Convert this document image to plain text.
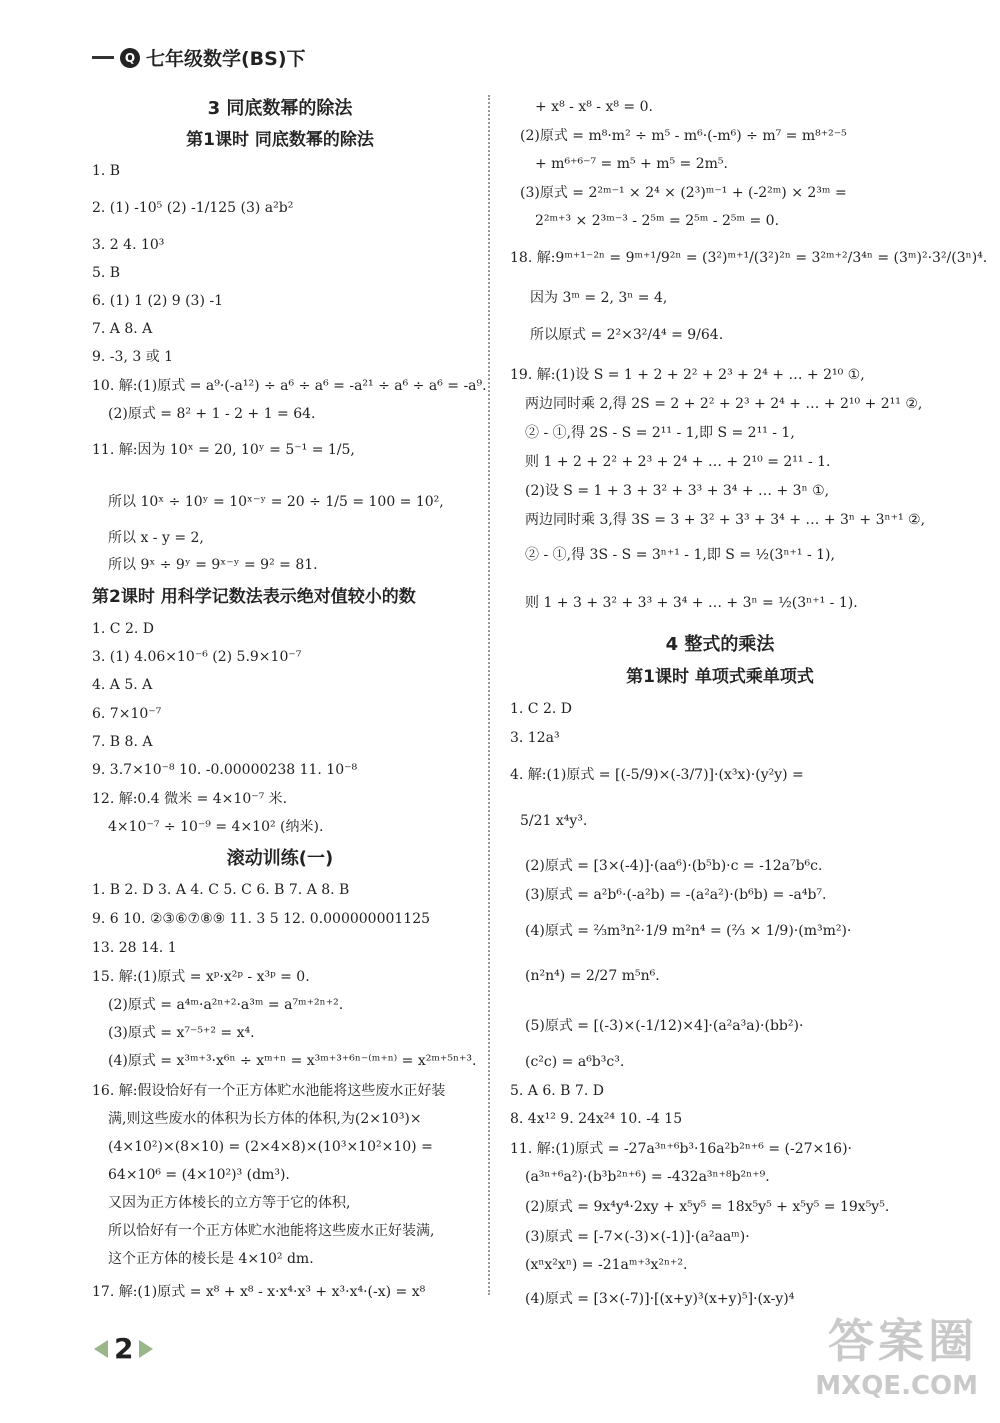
Q 七年级数学(BS)下
3 同底数幂的除法
第1课时 同底数幂的除法
1. B
2. (1) -10⁵ (2) -1/125 (3) a²b²
3. 2 4. 10³
5. B
6. (1) 1 (2) 9 (3) -1
7. A 8. A
9. -3, 3 或 1
10. 解:(1)原式 = a⁹·(-a¹²) ÷ a⁶ ÷ a⁶ = -a²¹ ÷ a⁶ ÷ a⁶ = -a⁹.
(2)原式 = 8² + 1 - 2 + 1 = 64.
11. 解:因为 10ˣ = 20, 10ʸ = 5⁻¹ = 1/5,
所以 10ˣ ÷ 10ʸ = 10ˣ⁻ʸ = 20 ÷ 1/5 = 100 = 10²,
所以 x - y = 2,
所以 9ˣ ÷ 9ʸ = 9ˣ⁻ʸ = 9² = 81.
第2课时 用科学记数法表示绝对值较小的数
1. C 2. D
3. (1) 4.06×10⁻⁶ (2) 5.9×10⁻⁷
4. A 5. A
6. 7×10⁻⁷
7. B 8. A
9. 3.7×10⁻⁸ 10. -0.00000238 11. 10⁻⁸
12. 解:0.4 微米 = 4×10⁻⁷ 米.
4×10⁻⁷ ÷ 10⁻⁹ = 4×10² (纳米).
滚动训练(一)
1. B 2. D 3. A 4. C 5. C 6. B 7. A 8. B
9. 6 10. ②③⑥⑦⑧⑨ 11. 3 5 12. 0.000000001125
13. 28 14. 1
15. 解:(1)原式 = xᵖ·x²ᵖ - x³ᵖ = 0.
(2)原式 = a⁴ᵐ·a²ⁿ⁺²·a³ᵐ = a⁷ᵐ⁺²ⁿ⁺².
(3)原式 = x⁷⁻⁵⁺² = x⁴.
(4)原式 = x³ᵐ⁺³·x⁶ⁿ ÷ xᵐ⁺ⁿ = x³ᵐ⁺³⁺⁶ⁿ⁻⁽ᵐ⁺ⁿ⁾ = x²ᵐ⁺⁵ⁿ⁺³.
16. 解:假设恰好有一个正方体贮水池能将这些废水正好装
满,则这些废水的体积为长方体的体积,为(2×10³)×
(4×10²)×(8×10) = (2×4×8)×(10³×10²×10) =
64×10⁶ = (4×10²)³ (dm³).
又因为正方体棱长的立方等于它的体积,
所以恰好有一个正方体贮水池能将这些废水正好装满,
这个正方体的棱长是 4×10² dm.
17. 解:(1)原式 = x⁸ + x⁸ - x·x⁴·x³ + x³·x⁴·(-x) = x⁸
+ x⁸ - x⁸ - x⁸ = 0.
(2)原式 = m⁸·m² ÷ m⁵ - m⁶·(-m⁶) ÷ m⁷ = m⁸⁺²⁻⁵
+ m⁶⁺⁶⁻⁷ = m⁵ + m⁵ = 2m⁵.
(3)原式 = 2²ᵐ⁻¹ × 2⁴ × (2³)ᵐ⁻¹ + (-2²ᵐ) × 2³ᵐ =
2²ᵐ⁺³ × 2³ᵐ⁻³ - 2⁵ᵐ = 2⁵ᵐ - 2⁵ᵐ = 0.
18. 解:9ᵐ⁺¹⁻²ⁿ = 9ᵐ⁺¹/9²ⁿ = (3²)ᵐ⁺¹/(3²)²ⁿ = 3²ᵐ⁺²/3⁴ⁿ = (3ᵐ)²·3²/(3ⁿ)⁴.
因为 3ᵐ = 2, 3ⁿ = 4,
所以原式 = 2²×3²/4⁴ = 9/64.
19. 解:(1)设 S = 1 + 2 + 2² + 2³ + 2⁴ + … + 2¹⁰ ①,
两边同时乘 2,得 2S = 2 + 2² + 2³ + 2⁴ + … + 2¹⁰ + 2¹¹ ②,
② - ①,得 2S - S = 2¹¹ - 1,即 S = 2¹¹ - 1,
则 1 + 2 + 2² + 2³ + 2⁴ + … + 2¹⁰ = 2¹¹ - 1.
(2)设 S = 1 + 3 + 3² + 3³ + 3⁴ + … + 3ⁿ ①,
两边同时乘 3,得 3S = 3 + 3² + 3³ + 3⁴ + … + 3ⁿ + 3ⁿ⁺¹ ②,
② - ①,得 3S - S = 3ⁿ⁺¹ - 1,即 S = ½(3ⁿ⁺¹ - 1),
则 1 + 3 + 3² + 3³ + 3⁴ + … + 3ⁿ = ½(3ⁿ⁺¹ - 1).
4 整式的乘法
第1课时 单项式乘单项式
1. C 2. D
3. 12a³
4. 解:(1)原式 = [(-5/9)×(-3/7)]·(x³x)·(y²y) =
5/21 x⁴y³.
(2)原式 = [3×(-4)]·(aa⁶)·(b⁵b)·c = -12a⁷b⁶c.
(3)原式 = a²b⁶·(-a²b) = -(a²a²)·(b⁶b) = -a⁴b⁷.
(4)原式 = ⅔m³n²·1/9 m²n⁴ = (⅔ × 1/9)·(m³m²)·
(n²n⁴) = 2/27 m⁵n⁶.
(5)原式 = [(-3)×(-1/12)×4]·(a²a³a)·(bb²)·
(c²c) = a⁶b³c³.
5. A 6. B 7. D
8. 4x¹² 9. 24x²⁴ 10. -4 15
11. 解:(1)原式 = -27a³ⁿ⁺⁶b³·16a²b²ⁿ⁺⁶ = (-27×16)·
(a³ⁿ⁺⁶a²)·(b³b²ⁿ⁺⁶) = -432a³ⁿ⁺⁸b²ⁿ⁺⁹.
(2)原式 = 9x⁴y⁴·2xy + x⁵y⁵ = 18x⁵y⁵ + x⁵y⁵ = 19x⁵y⁵.
(3)原式 = [-7×(-3)×(-1)]·(a²aaᵐ)·
(xⁿx²xⁿ) = -21aᵐ⁺³x²ⁿ⁺².
(4)原式 = [3×(-7)]·[(x+y)³(x+y)⁵]·(x-y)⁴
2	答案圈
MXQE.COM
